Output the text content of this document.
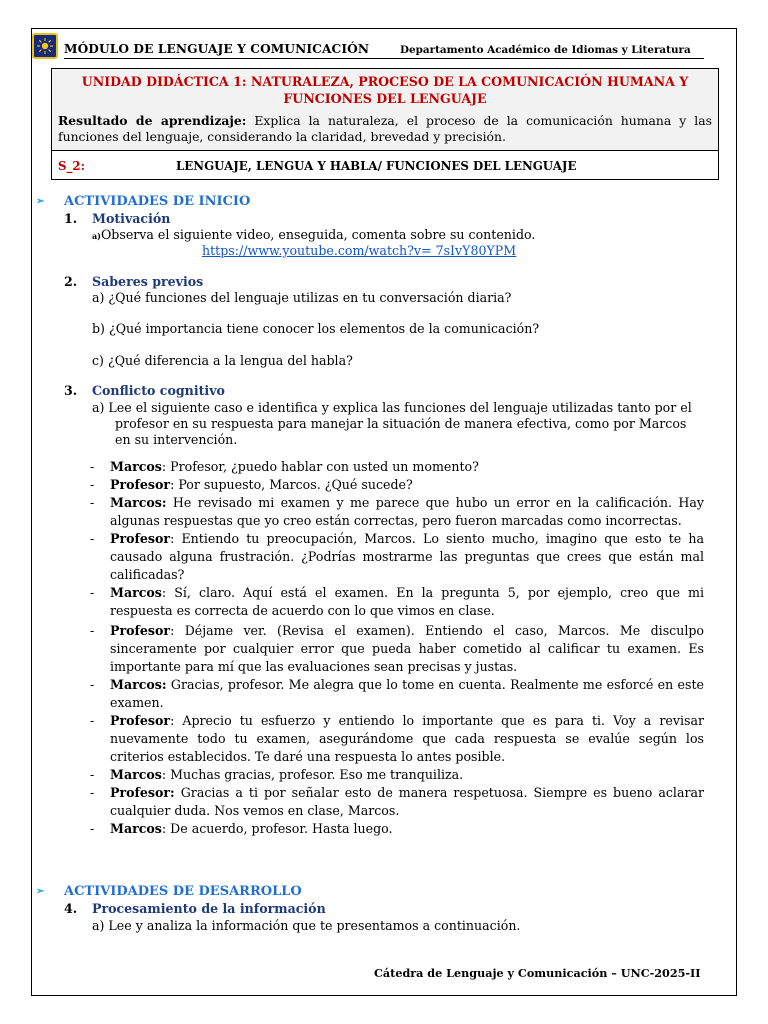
MÓDULO DE LENGUAJE Y COMUNICACIÓN	Departamento Académico de Idiomas y Literatura
UNIDAD DIDÁCTICA 1: NATURALEZA, PROCESO DE LA COMUNICACIÓN HUMANA Y
FUNCIONES DEL LENGUAJE
Resultado de aprendizaje: Explica la naturaleza, el proceso de la comunicación humana y las funciones del lenguaje, considerando la claridad, brevedad y precisión.
S_2:	LENGUAJE, LENGUA Y HABLA/ FUNCIONES DEL LENGUAJE
➢ ACTIVIDADES DE INICIO
1. Motivación
a)Observa el siguiente video, enseguida, comenta sobre su contenido.
https://www.youtube.com/watch?v= 7sIvY80YPM
2. Saberes previos
a) ¿Qué funciones del lenguaje utilizas en tu conversación diaria?
b) ¿Qué importancia tiene conocer los elementos de la comunicación?
c) ¿Qué diferencia a la lengua del habla?
3. Conflicto cognitivo
a) Lee el siguiente caso e identifica y explica las funciones del lenguaje utilizadas tanto por el
profesor en su respuesta para manejar la situación de manera efectiva, como por Marcos
en su intervención.
- Marcos: Profesor, ¿puedo hablar con usted un momento?
- Profesor: Por supuesto, Marcos. ¿Qué sucede?
- Marcos: He revisado mi examen y me parece que hubo un error en la calificación. Hay algunas respuestas que yo creo están correctas, pero fueron marcadas como incorrectas.
- Profesor: Entiendo tu preocupación, Marcos. Lo siento mucho, imagino que esto te ha causado alguna frustración. ¿Podrías mostrarme las preguntas que crees que están mal calificadas?
- Marcos: Sí, claro. Aquí está el examen. En la pregunta 5, por ejemplo, creo que mi respuesta es correcta de acuerdo con lo que vimos en clase.
- Profesor: Déjame ver. (Revisa el examen). Entiendo el caso, Marcos. Me disculpo sinceramente por cualquier error que pueda haber cometido al calificar tu examen. Es importante para mí que las evaluaciones sean precisas y justas.
- Marcos: Gracias, profesor. Me alegra que lo tome en cuenta. Realmente me esforcé en este examen.
- Profesor: Aprecio tu esfuerzo y entiendo lo importante que es para ti. Voy a revisar nuevamente todo tu examen, asegurándome que cada respuesta se evalúe según los criterios establecidos. Te daré una respuesta lo antes posible.
- Marcos: Muchas gracias, profesor. Eso me tranquiliza.
- Profesor: Gracias a ti por señalar esto de manera respetuosa. Siempre es bueno aclarar cualquier duda. Nos vemos en clase, Marcos.
- Marcos: De acuerdo, profesor. Hasta luego.
➢ ACTIVIDADES DE DESARROLLO
4. Procesamiento de la información
a) Lee y analiza la información que te presentamos a continuación.
Cátedra de Lenguaje y Comunicación – UNC-2025-II
